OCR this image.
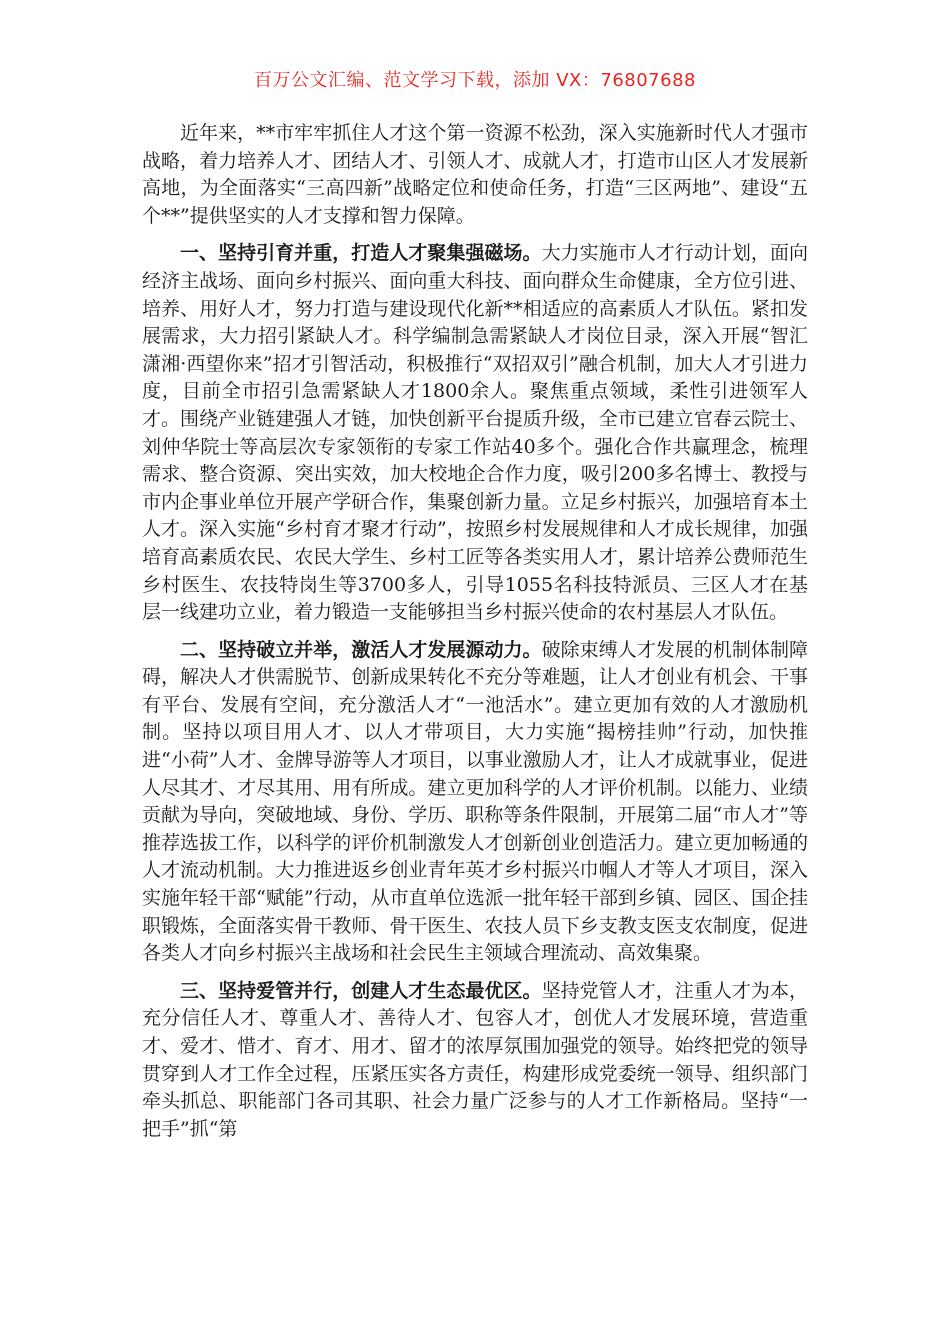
百万公文汇编、范文学习下载，添加 VX：76807688

近年来，**市牢牢抓住人才这个第一资源不松劲，深入实施新时代人才强市战略，着力培养人才、团结人才、引领人才、成就人才，打造市山区人才发展新高地，为全面落实“三高四新”战略定位和使命任务，打造“三区两地”、建设“五个**”提供坚实的人才支撑和智力保障。

一、坚持引育并重，打造人才聚集强磁场。大力实施市人才行动计划，面向经济主战场、面向乡村振兴、面向重大科技、面向群众生命健康，全方位引进、培养、用好人才，努力打造与建设现代化新**相适应的高素质人才队伍。紧扣发展需求，大力招引紧缺人才。科学编制急需紧缺人才岗位目录，深入开展“智汇潇湘·西望你来”招才引智活动，积极推行“双招双引”融合机制，加大人才引进力度，目前全市招引急需紧缺人才1800余人。聚焦重点领域，柔性引进领军人才。围绕产业链建强人才链，加快创新平台提质升级，全市已建立官春云院士、刘仲华院士等高层次专家领衔的专家工作站40多个。强化合作共赢理念，梳理需求、整合资源、突出实效，加大校地企合作力度，吸引200多名博士、教授与市内企事业单位开展产学研合作，集聚创新力量。立足乡村振兴，加强培育本土人才。深入实施“乡村育才聚才行动”，按照乡村发展规律和人才成长规律，加强培育高素质农民、农民大学生、乡村工匠等各类实用人才，累计培养公费师范生乡村医生、农技特岗生等3700多人，引导1055名科技特派员、三区人才在基层一线建功立业，着力锻造一支能够担当乡村振兴使命的农村基层人才队伍。

二、坚持破立并举，激活人才发展源动力。破除束缚人才发展的机制体制障碍，解决人才供需脱节、创新成果转化不充分等难题，让人才创业有机会、干事有平台、发展有空间，充分激活人才“一池活水”。建立更加有效的人才激励机制。坚持以项目用人才、以人才带项目，大力实施“揭榜挂帅”行动，加快推进“小荷”人才、金牌导游等人才项目，以事业激励人才，让人才成就事业，促进人尽其才、才尽其用、用有所成。建立更加科学的人才评价机制。以能力、业绩贡献为导向，突破地域、身份、学历、职称等条件限制，开展第二届“市人才”等推荐选拔工作，以科学的评价机制激发人才创新创业创造活力。建立更加畅通的人才流动机制。大力推进返乡创业青年英才乡村振兴巾帼人才等人才项目，深入实施年轻干部“赋能”行动，从市直单位选派一批年轻干部到乡镇、园区、国企挂职锻炼，全面落实骨干教师、骨干医生、农技人员下乡支教支医支农制度，促进各类人才向乡村振兴主战场和社会民生主领域合理流动、高效集聚。

三、坚持爱管并行，创建人才生态最优区。坚持党管人才，注重人才为本，充分信任人才、尊重人才、善待人才、包容人才，创优人才发展环境，营造重才、爱才、惜才、育才、用才、留才的浓厚氛围加强党的领导。始终把党的领导贯穿到人才工作全过程，压紧压实各方责任，构建形成党委统一领导、组织部门牵头抓总、职能部门各司其职、社会力量广泛参与的人才工作新格局。坚持“一把手”抓“第
